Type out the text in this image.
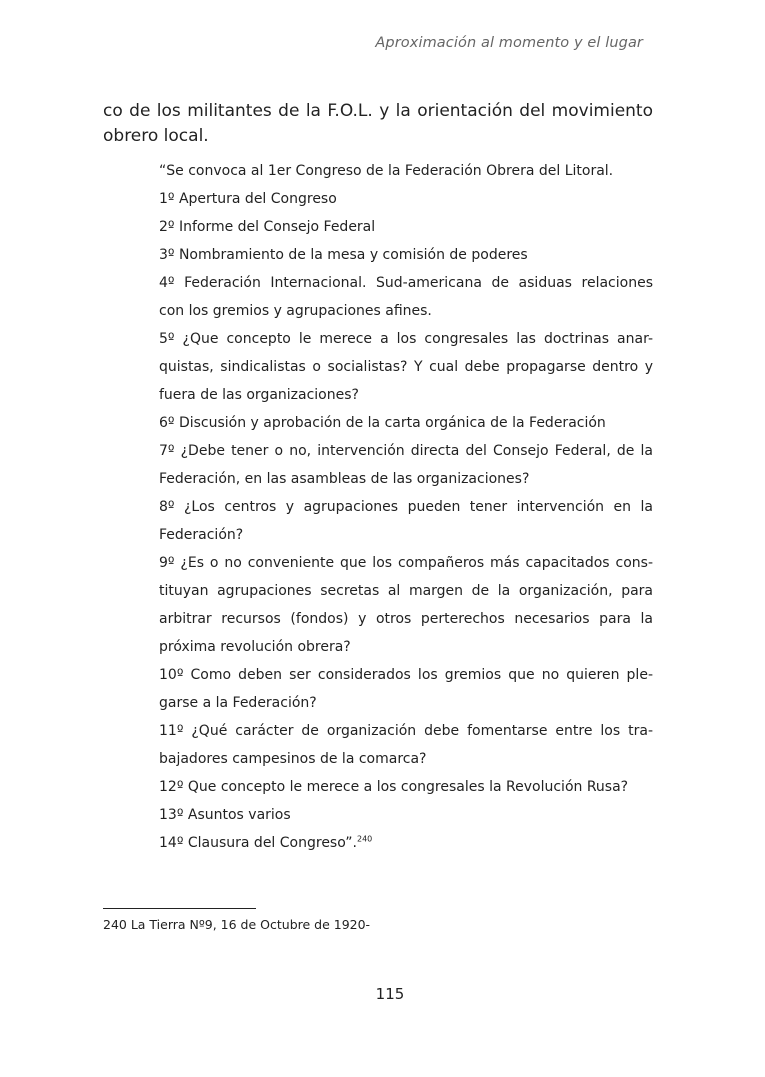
Aproximación al momento y el lugar
co de los militantes de la F.O.L. y la orientación del movimiento
obrero local.
“Se convoca al 1er Congreso de la Federación Obrera del Litoral.
1º Apertura del Congreso
2º Informe del Consejo Federal
3º Nombramiento de la mesa y comisión de poderes
4º Federación Internacional. Sud-americana de asiduas relaciones
con los gremios y agrupaciones afines.
5º ¿Que concepto le merece a los congresales las doctrinas anar-
quistas, sindicalistas o socialistas? Y cual debe propagarse dentro y
fuera de las organizaciones?
6º Discusión y aprobación de la carta orgánica de la Federación
7º ¿Debe tener o no, intervención directa del Consejo Federal, de la
Federación, en las asambleas de las organizaciones?
8º ¿Los centros y agrupaciones pueden tener intervención en la
Federación?
9º ¿Es o no conveniente que los compañeros más capacitados cons-
tituyan agrupaciones secretas al margen de la organización, para
arbitrar recursos (fondos) y otros perterechos necesarios para la
próxima revolución obrera?
10º Como deben ser considerados los gremios que no quieren ple-
garse a la Federación?
11º ¿Qué carácter de organización debe fomentarse entre los tra-
bajadores campesinos de la comarca?
12º Que concepto le merece a los congresales la Revolución Rusa?
13º Asuntos varios
14º Clausura del Congreso”.$^{240}$
240 La Tierra Nº9, 16 de Octubre de 1920-
115
